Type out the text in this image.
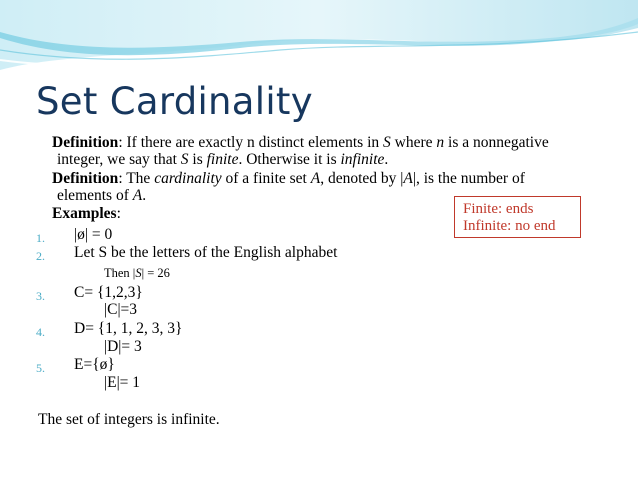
Set Cardinality
Definition: If there are exactly n distinct elements in S where n is a nonnegative
integer, we say that S is finite. Otherwise it is infinite.
Definition: The cardinality of a finite set A, denoted by |A|, is the number of
elements of A.
Examples:
1. |ø| = 0
2. Let S be the letters of the English alphabet
Then |S| = 26
3. C= {1,2,3}
|C|=3
4. D= {1, 1, 2, 3, 3}
|D|= 3
5. E={ø}
|E|= 1
The set of integers is infinite.
Finite: ends
Infinite: no end
